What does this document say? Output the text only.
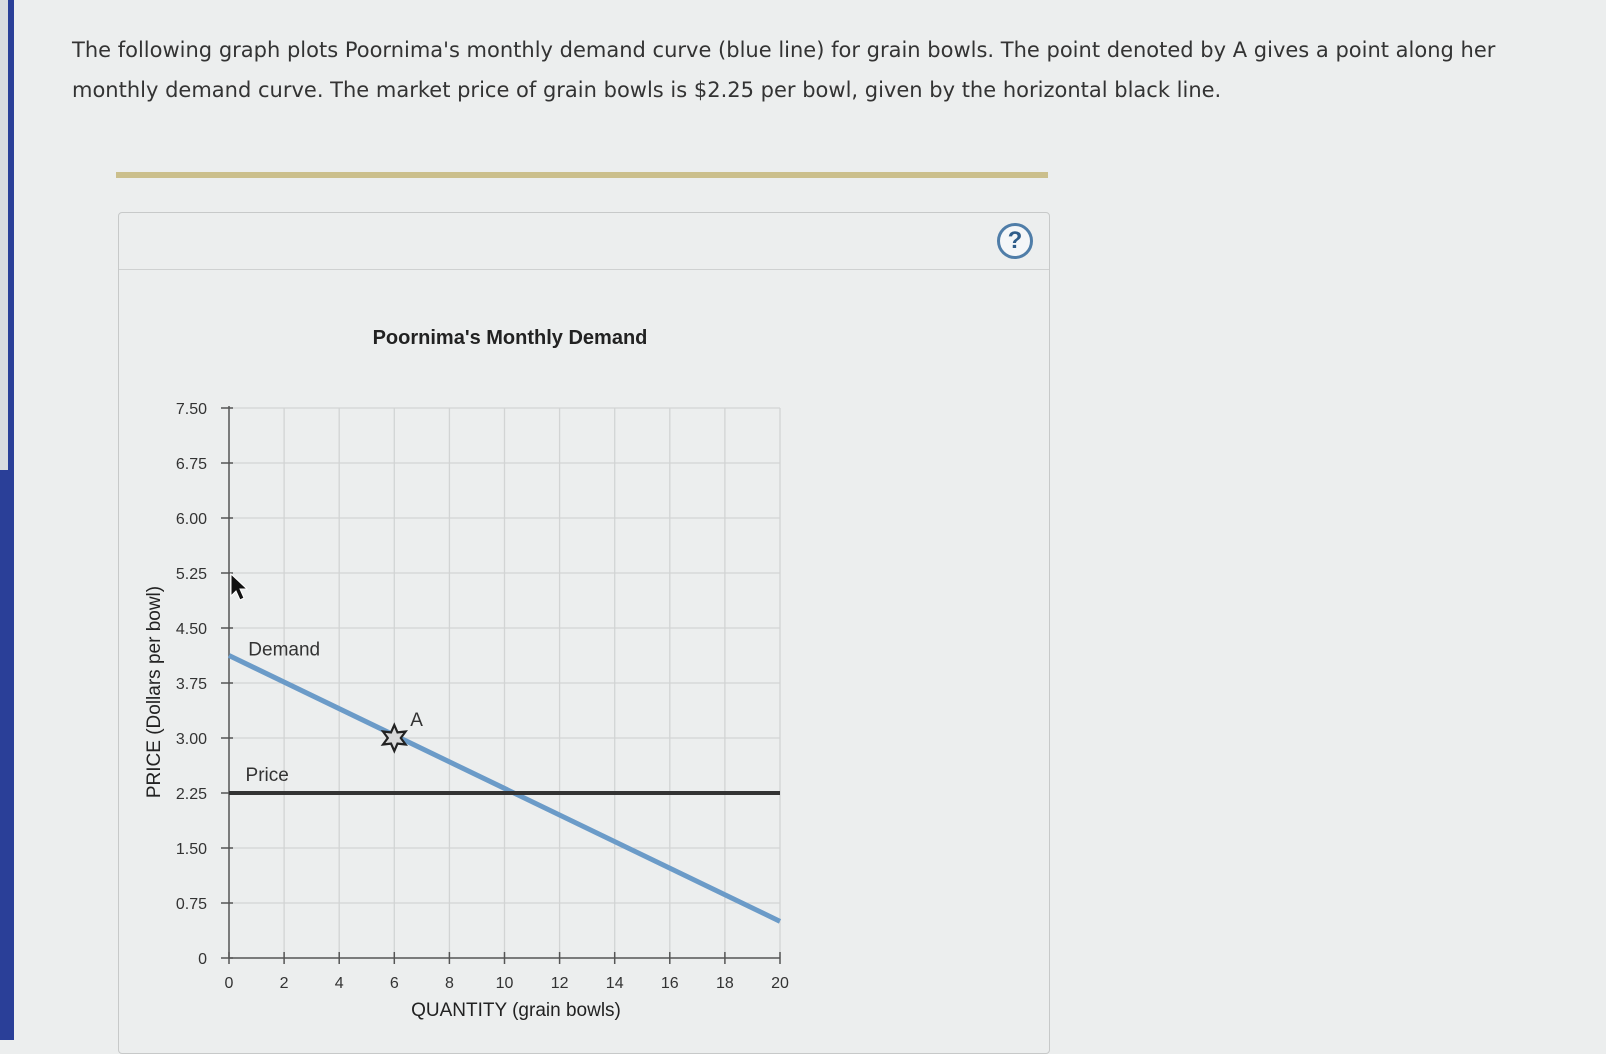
The following graph plots Poornima's monthly demand curve (blue line) for grain bowls. The point denoted by A gives a point along her monthly demand curve. The market price of grain bowls is $2.25 per bowl, given by the horizontal black line.
?
0
0.75
1.50
2.25
3.00
3.75
4.50
5.25
6.00
6.75
7.50
0	2	4	6	8	10 12 14 16 18 20
Demand
Price
A
Poornima's Monthly Demand
QUANTITY (grain bowls)
PRICE (Dollars per bowl)
